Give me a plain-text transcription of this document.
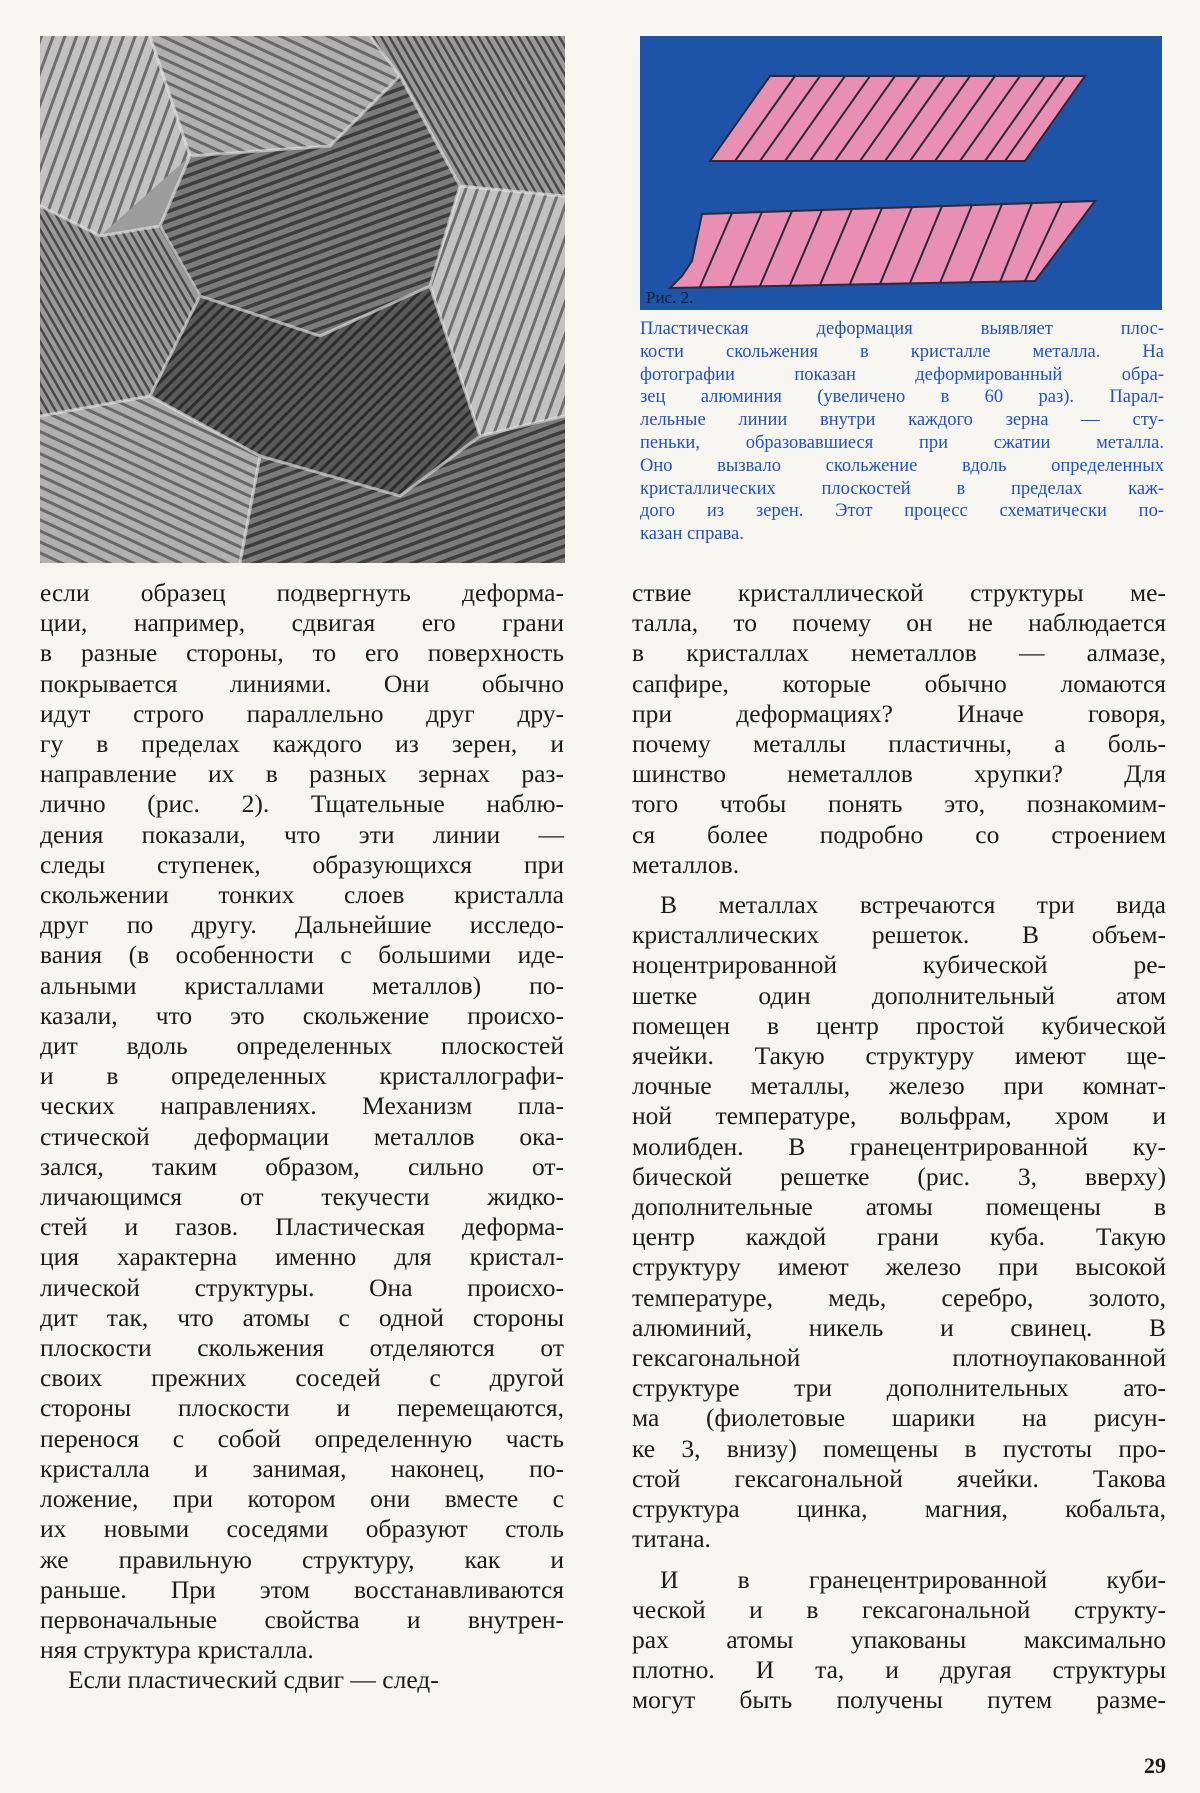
Рис. 2.
Пластическая деформация выявляет плос-
кости скольжения в кристалле металла. На
фотографии показан деформированный обра-
зец алюминия (увеличено в 60 раз). Парал-
лельные линии внутри каждого зерна — сту-
пеньки, образовавшиеся при сжатии металла.
Оно вызвало скольжение вдоль определенных
кристаллических плоскостей в пределах каж-
дого из зерен. Этот процесс схематически по-
казан справа.
если образец подвергнуть деформа-
ции, например, сдвигая его грани
в разные стороны, то его поверхность
покрывается линиями. Они обычно
идут строго параллельно друг дру-
гу в пределах каждого из зерен, и
направление их в разных зернах раз-
лично (рис. 2). Тщательные наблю-
дения показали, что эти линии —
следы ступенек, образующихся при
скольжении тонких слоев кристалла
друг по другу. Дальнейшие исследо-
вания (в особенности с большими иде-
альными кристаллами металлов) по-
казали, что это скольжение происхо-
дит вдоль определенных плоскостей
и в определенных кристаллографи-
ческих направлениях. Механизм пла-
стической деформации металлов ока-
зался, таким образом, сильно от-
личающимся от текучести жидко-
стей и газов. Пластическая деформа-
ция характерна именно для кристал-
лической структуры. Она происхо-
дит так, что атомы с одной стороны
плоскости скольжения отделяются от
своих прежних соседей с другой
стороны плоскости и перемещаются,
перенося с собой определенную часть
кристалла и занимая, наконец, по-
ложение, при котором они вместе с
их новыми соседями образуют столь
же правильную структуру, как и
раньше. При этом восстанавливаются
первоначальные свойства и внутрен-
няя структура кристалла.
Если пластический сдвиг — след-
ствие кристаллической структуры ме-
талла, то почему он не наблюдается
в кристаллах неметаллов — алмазе,
сапфире, которые обычно ломаются
при деформациях? Иначе говоря,
почему металлы пластичны, а боль-
шинство неметаллов хрупки? Для
того чтобы понять это, познакомим-
ся более подробно со строением
металлов.
В металлах встречаются три вида
кристаллических решеток. В объем-
ноцентрированной кубической ре-
шетке один дополнительный атом
помещен в центр простой кубической
ячейки. Такую структуру имеют ще-
лочные металлы, железо при комнат-
ной температуре, вольфрам, хром и
молибден. В гранецентрированной ку-
бической решетке (рис. 3, вверху)
дополнительные атомы помещены в
центр каждой грани куба. Такую
структуру имеют железо при высокой
температуре, медь, серебро, золото,
алюминий, никель и свинец. В
гексагональной плотноупакованной
структуре три дополнительных ато-
ма (фиолетовые шарики на рисун-
ке 3, внизу) помещены в пустоты про-
стой гексагональной ячейки. Такова
структура цинка, магния, кобальта,
титана.
И в гранецентрированной куби-
ческой и в гексагональной структу-
рах атомы упакованы максимально
плотно. И та, и другая структуры
могут быть получены путем разме-
29
